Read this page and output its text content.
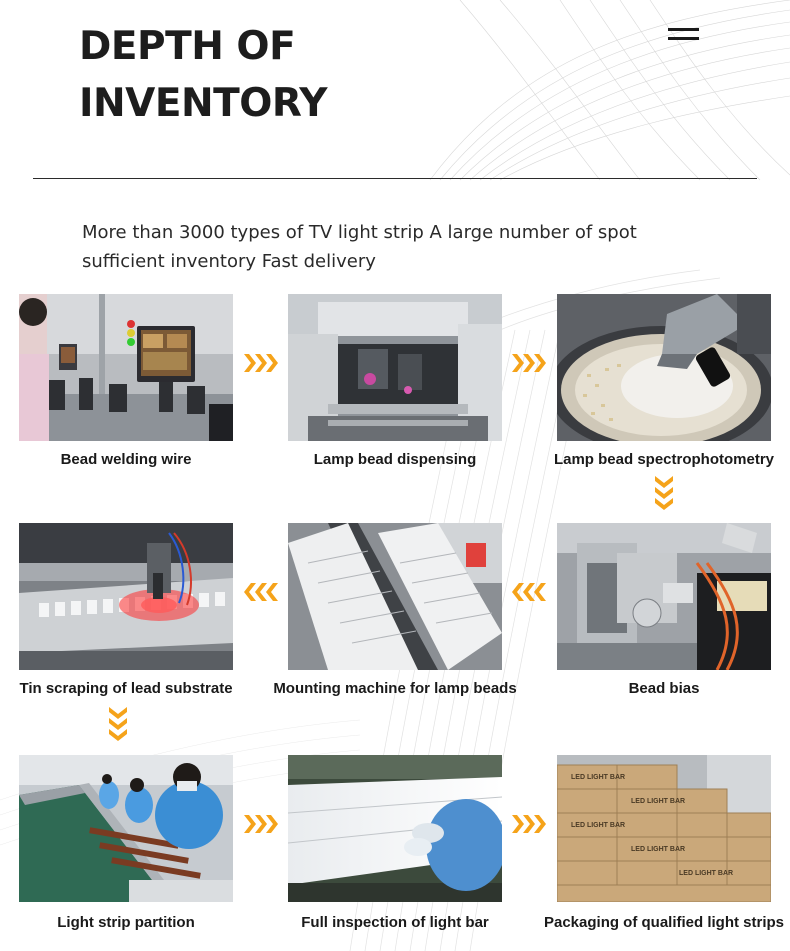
DEPTH OF
INVENTORY

More than 3000 types of TV light strip A large number of spot
sufficient inventory Fast delivery

Bead welding wire	Lamp bead dispensing	Lamp bead spectrophotometry
Tin scraping of lead substrate	Mounting machine for lamp beads	Bead bias
Light strip partition	Full inspection of light bar
LED LIGHT BAR
LED LIGHT BAR
LED LIGHT BAR
LED LIGHT BAR
LED LIGHT BAR
Packaging of qualified light strips
